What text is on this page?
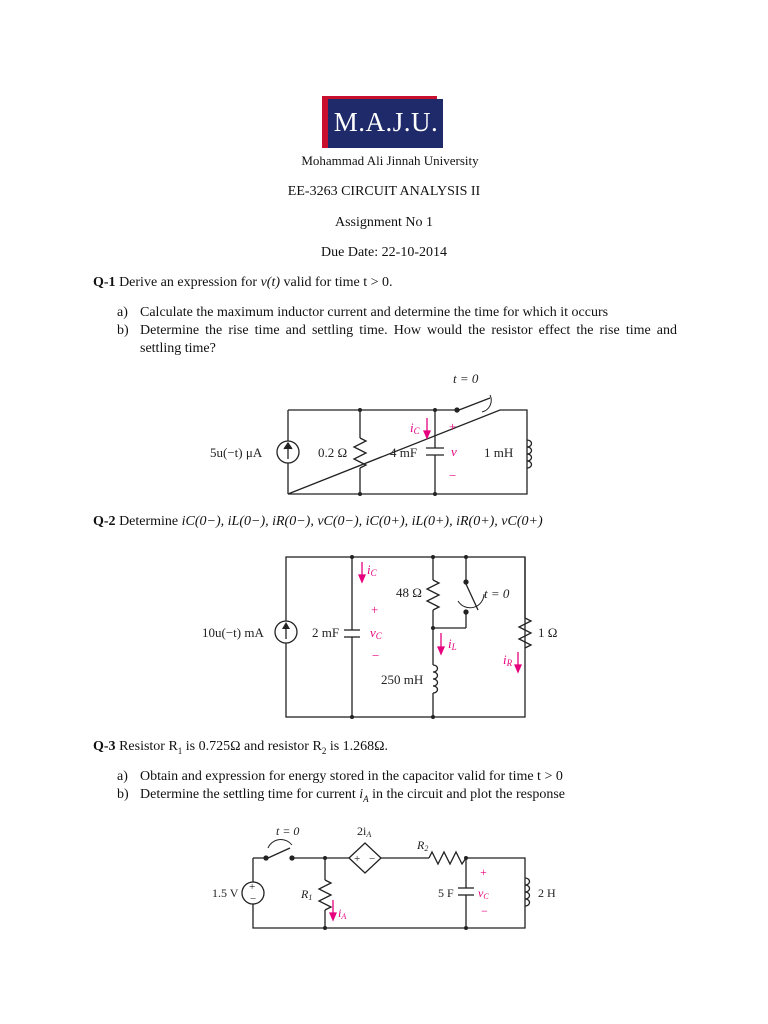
M.A.J.U.
Mohammad Ali Jinnah University
EE-3263 CIRCUIT ANALYSIS II
Assignment No 1
Due Date: 22-10-2014
Q-1 Derive an expression for v(t) valid for time t > 0.
a) Calculate the maximum inductor current and determine the time for which it occurs
b) Determine the rise time and settling time. How would the resistor effect the rise time and settling time?
t = 0
5u(−t) μA	0.2 Ω	4 mF	1 mH
iC +
v
−
Q-2 Determine iC(0−), iL(0−), iR(0−), vC(0−), iC(0+), iL(0+), iR(0+), vC(0+)
10u(−t) mA	2 mF
48 Ω
250 mH
1 Ω
t = 0
iC
+
vC
−
iL
iR
Q-3 Resistor $R_1$ is 0.725Ω and resistor $R_2$ is 1.268Ω.
a) Obtain and expression for energy stored in the capacitor valid for time t > 0
b) Determine the settling time for current $i_A$ in the circuit and plot the response
+
−
+ −
t = 0	2iA
R2
1.5 V	R1	5 F	2 H
iA
+
vC
−
